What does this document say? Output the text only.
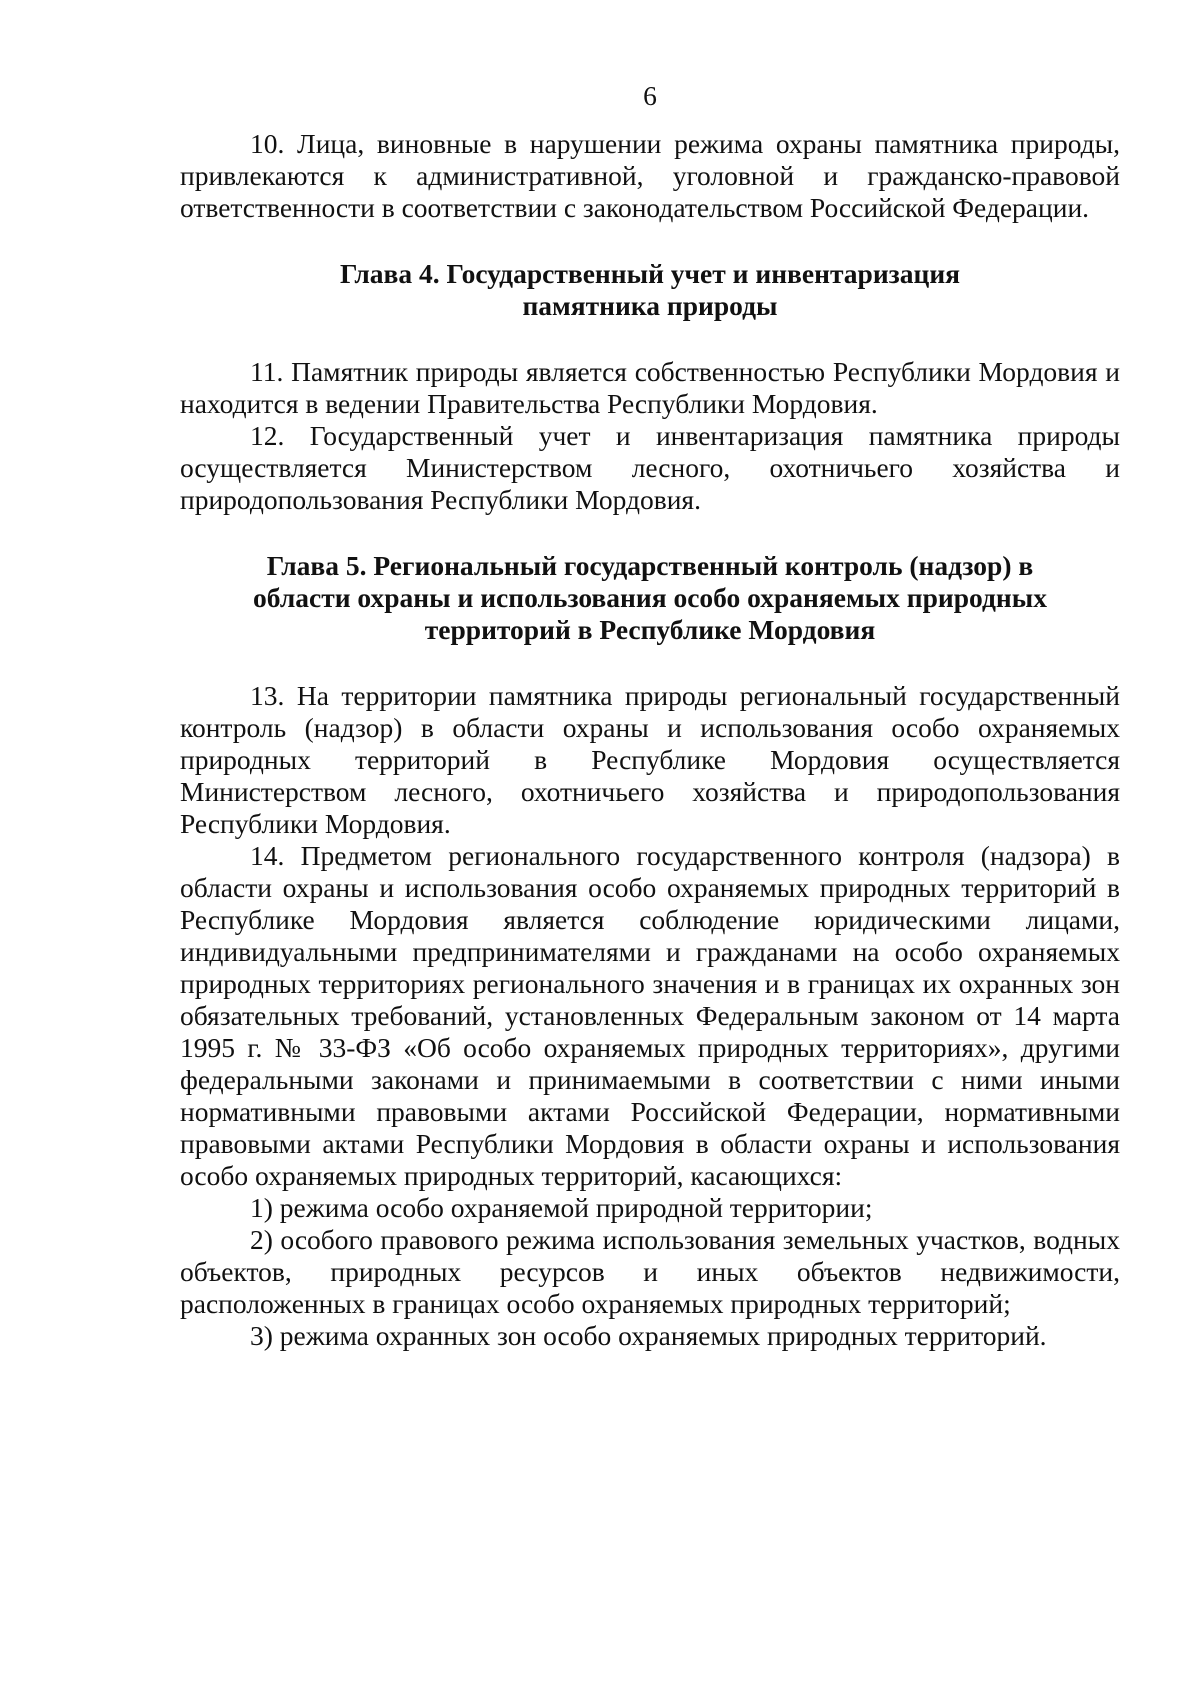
6

10. Лица, виновные в нарушении режима охраны памятника природы, привлекаются к административной, уголовной и гражданско-правовой ответственности в соответствии с законодательством Российской Федерации.

Глава 4. Государственный учет и инвентаризация
памятника природы

11. Памятник природы является собственностью Республики Мордовия и находится в ведении Правительства Республики Мордовия.

12. Государственный учет и инвентаризация памятника природы осуществляется Министерством лесного, охотничьего хозяйства и природопользования Республики Мордовия.

Глава 5. Региональный государственный контроль (надзор) в
области охраны и использования особо охраняемых природных
территорий в Республике Мордовия

13. На территории памятника природы региональный государственный контроль (надзор) в области охраны и использования особо охраняемых природных территорий в Республике Мордовия осуществляется Министерством лесного, охотничьего хозяйства и природопользования Республики Мордовия.

14. Предметом регионального государственного контроля (надзора) в области охраны и использования особо охраняемых природных территорий в Республике Мордовия является соблюдение юридическими лицами, индивидуальными предпринимателями и гражданами на особо охраняемых природных территориях регионального значения и в границах их охранных зон обязательных требований, установленных Федеральным законом от 14 марта 1995 г. № 33-ФЗ «Об особо охраняемых природных территориях», другими федеральными законами и принимаемыми в соответствии с ними иными нормативными правовыми актами Российской Федерации, нормативными правовыми актами Республики Мордовия в области охраны и использования особо охраняемых природных территорий, касающихся:

1) режима особо охраняемой природной территории;

2) особого правового режима использования земельных участков, водных объектов, природных ресурсов и иных объектов недвижимости, расположенных в границах особо охраняемых природных территорий;

3) режима охранных зон особо охраняемых природных территорий.
